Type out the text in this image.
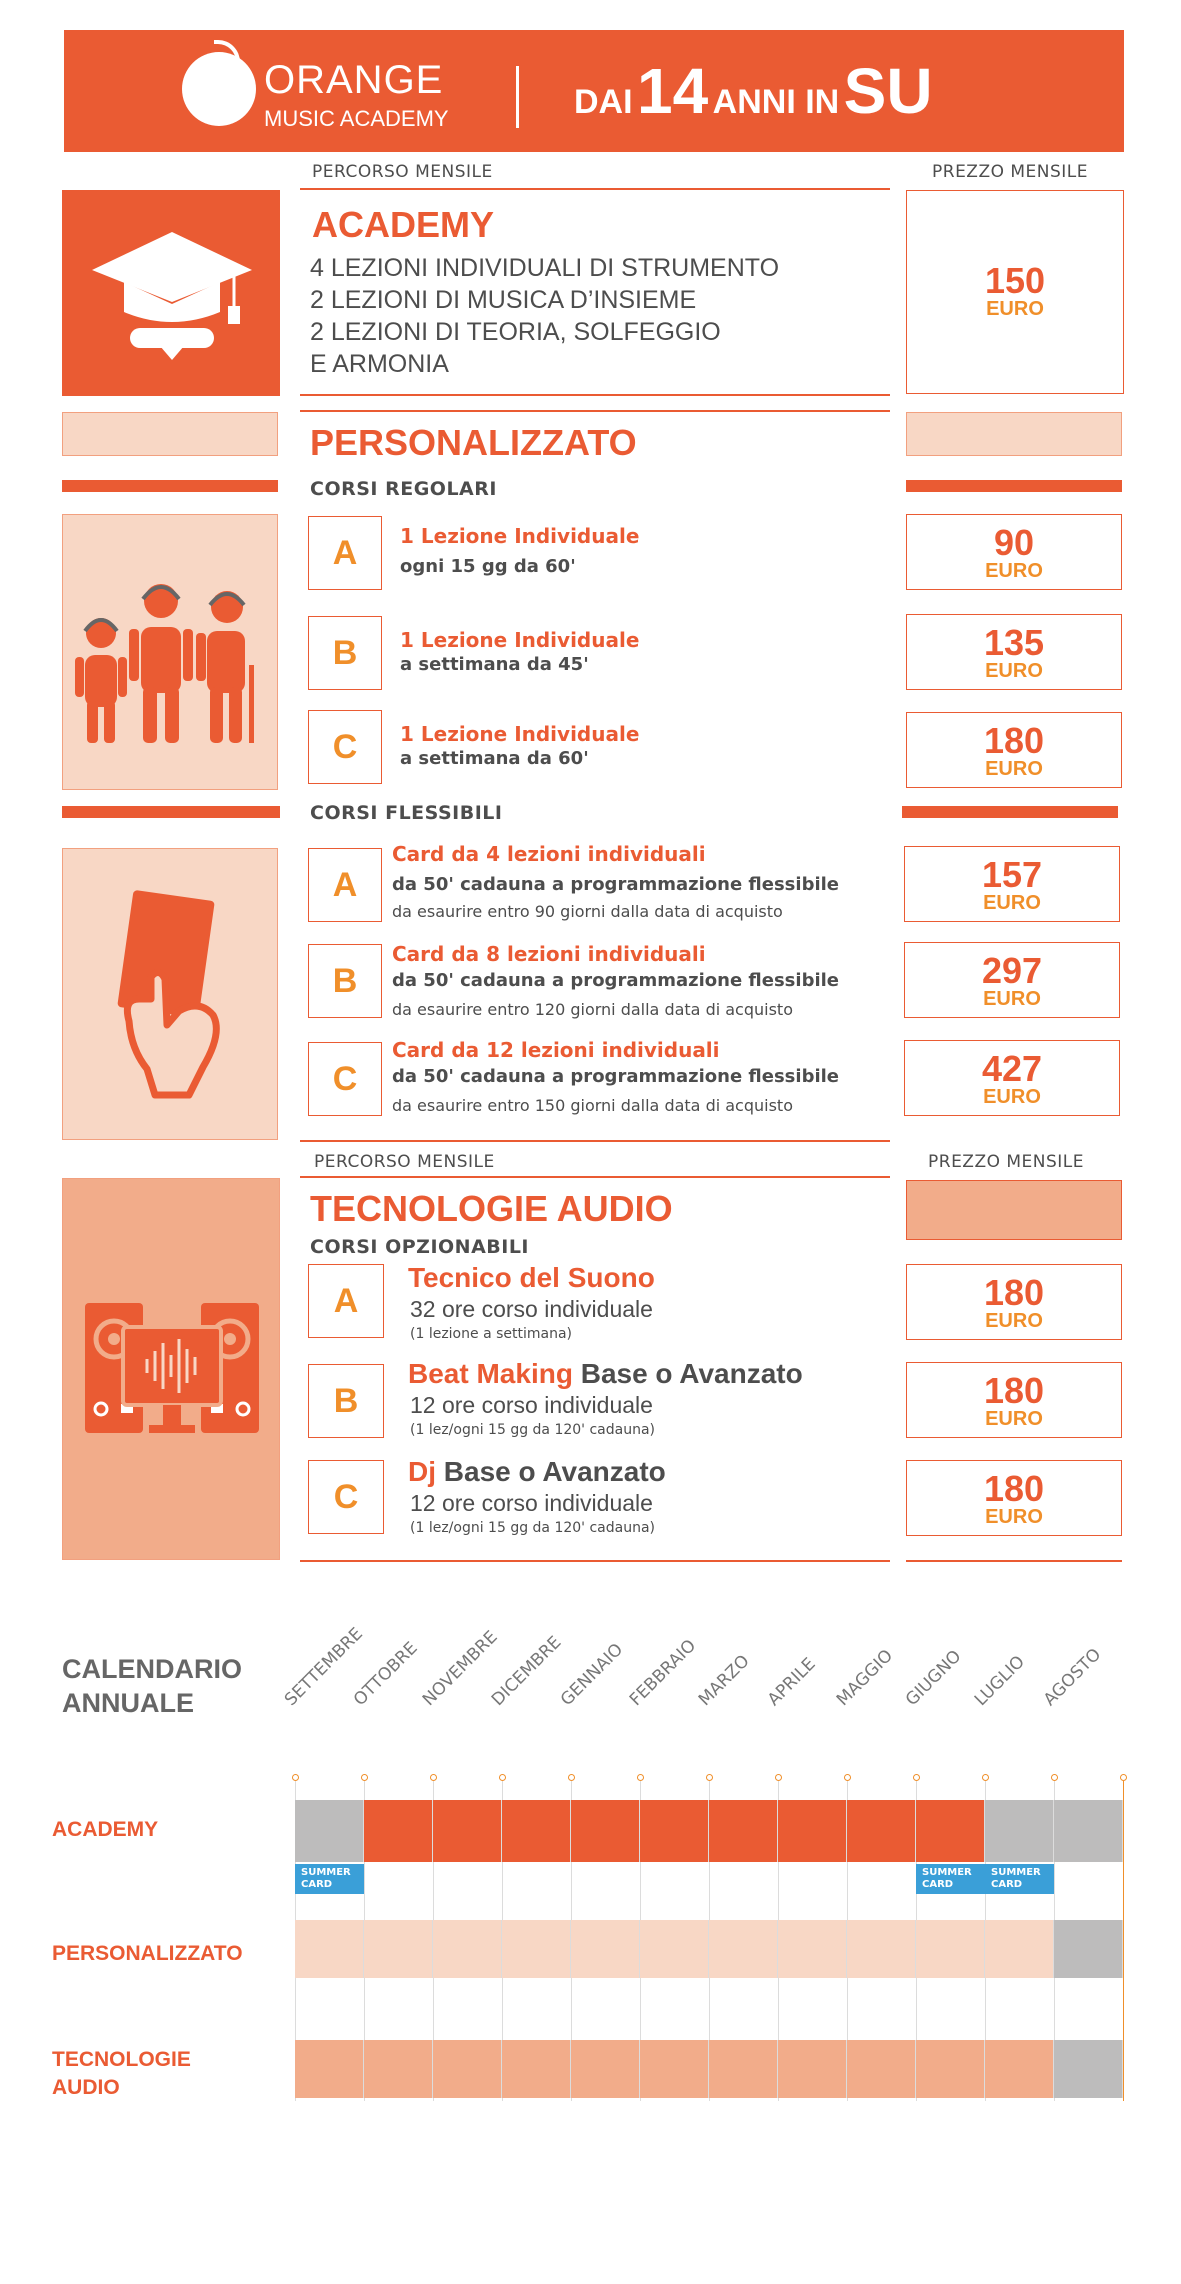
ORANGE
MUSIC ACADEMY	DAI 14 ANNI IN SU
PERCORSO MENSILE	PREZZO MENSILE
ACADEMY
4 LEZIONI INDIVIDUALI DI STRUMENTO
2 LEZIONI DI MUSICA D’INSIEME
2 LEZIONI DI TEORIA, SOLFEGGIO
E ARMONIA
150
EURO
PERSONALIZZATO
CORSI REGOLARI
A	1 Lezione Individuale
ogni 15 gg da 60'
90
EURO
B	1 Lezione Individuale
a settimana da 45'
135
EURO
C	1 Lezione Individuale
a settimana da 60'	180
EURO
CORSI FLESSIBILI
A
Card da 4 lezioni individuali
da 50' cadauna a programmazione flessibile
da esaurire entro 90 giorni dalla data di acquisto
157
EURO
B
Card da 8 lezioni individuali
da 50' cadauna a programmazione flessibile
da esaurire entro 120 giorni dalla data di acquisto
297
EURO
C
Card da 12 lezioni individuali
da 50' cadauna a programmazione flessibile
da esaurire entro 150 giorni dalla data di acquisto
427
EURO
PERCORSO MENSILE	PREZZO MENSILE
TECNOLOGIE AUDIO
CORSI OPZIONABILI
A
Tecnico del Suono
32 ore corso individuale
(1 lezione a settimana)
180
EURO
B
Beat Making Base o Avanzato
12 ore corso individuale
(1 lez/ogni 15 gg da 120' cadauna)
180
EURO
C
Dj Base o Avanzato
12 ore corso individuale
(1 lez/ogni 15 gg da 120' cadauna)
180
EURO
CALENDARIO
ANNUALE	SETTEMBRE
OTTOBRE
NOVEMBRE
DICEMBRE
GENNAIO
FEBBRAIO
MARZO APRILE MAGGIO GIUGNO LUGLIO AGOSTO
SUMMER
CARD
SUMMER
CARD
SUMMER
CARD
ACADEMY
PERSONALIZZATO
TECNOLOGIE
AUDIO
